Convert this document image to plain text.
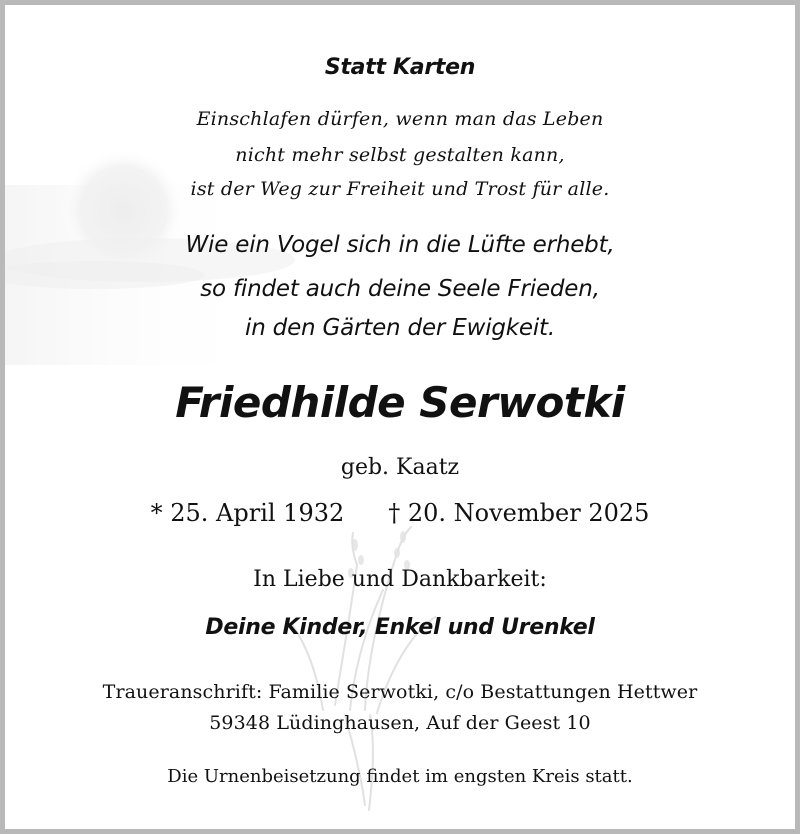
Statt Karten
Einschlafen dürfen, wenn man das Leben
nicht mehr selbst gestalten kann,
ist der Weg zur Freiheit und Trost für alle.
Wie ein Vogel sich in die Lüfte erhebt,
so findet auch deine Seele Frieden,
in den Gärten der Ewigkeit.
Friedhilde Serwotki
geb. Kaatz
* 25. April 1932 † 20. November 2025
In Liebe und Dankbarkeit:
Deine Kinder, Enkel und Urenkel
Traueranschrift: Familie Serwotki, c/o Bestattungen Hettwer
59348 Lüdinghausen, Auf der Geest 10
Die Urnenbeisetzung findet im engsten Kreis statt.
